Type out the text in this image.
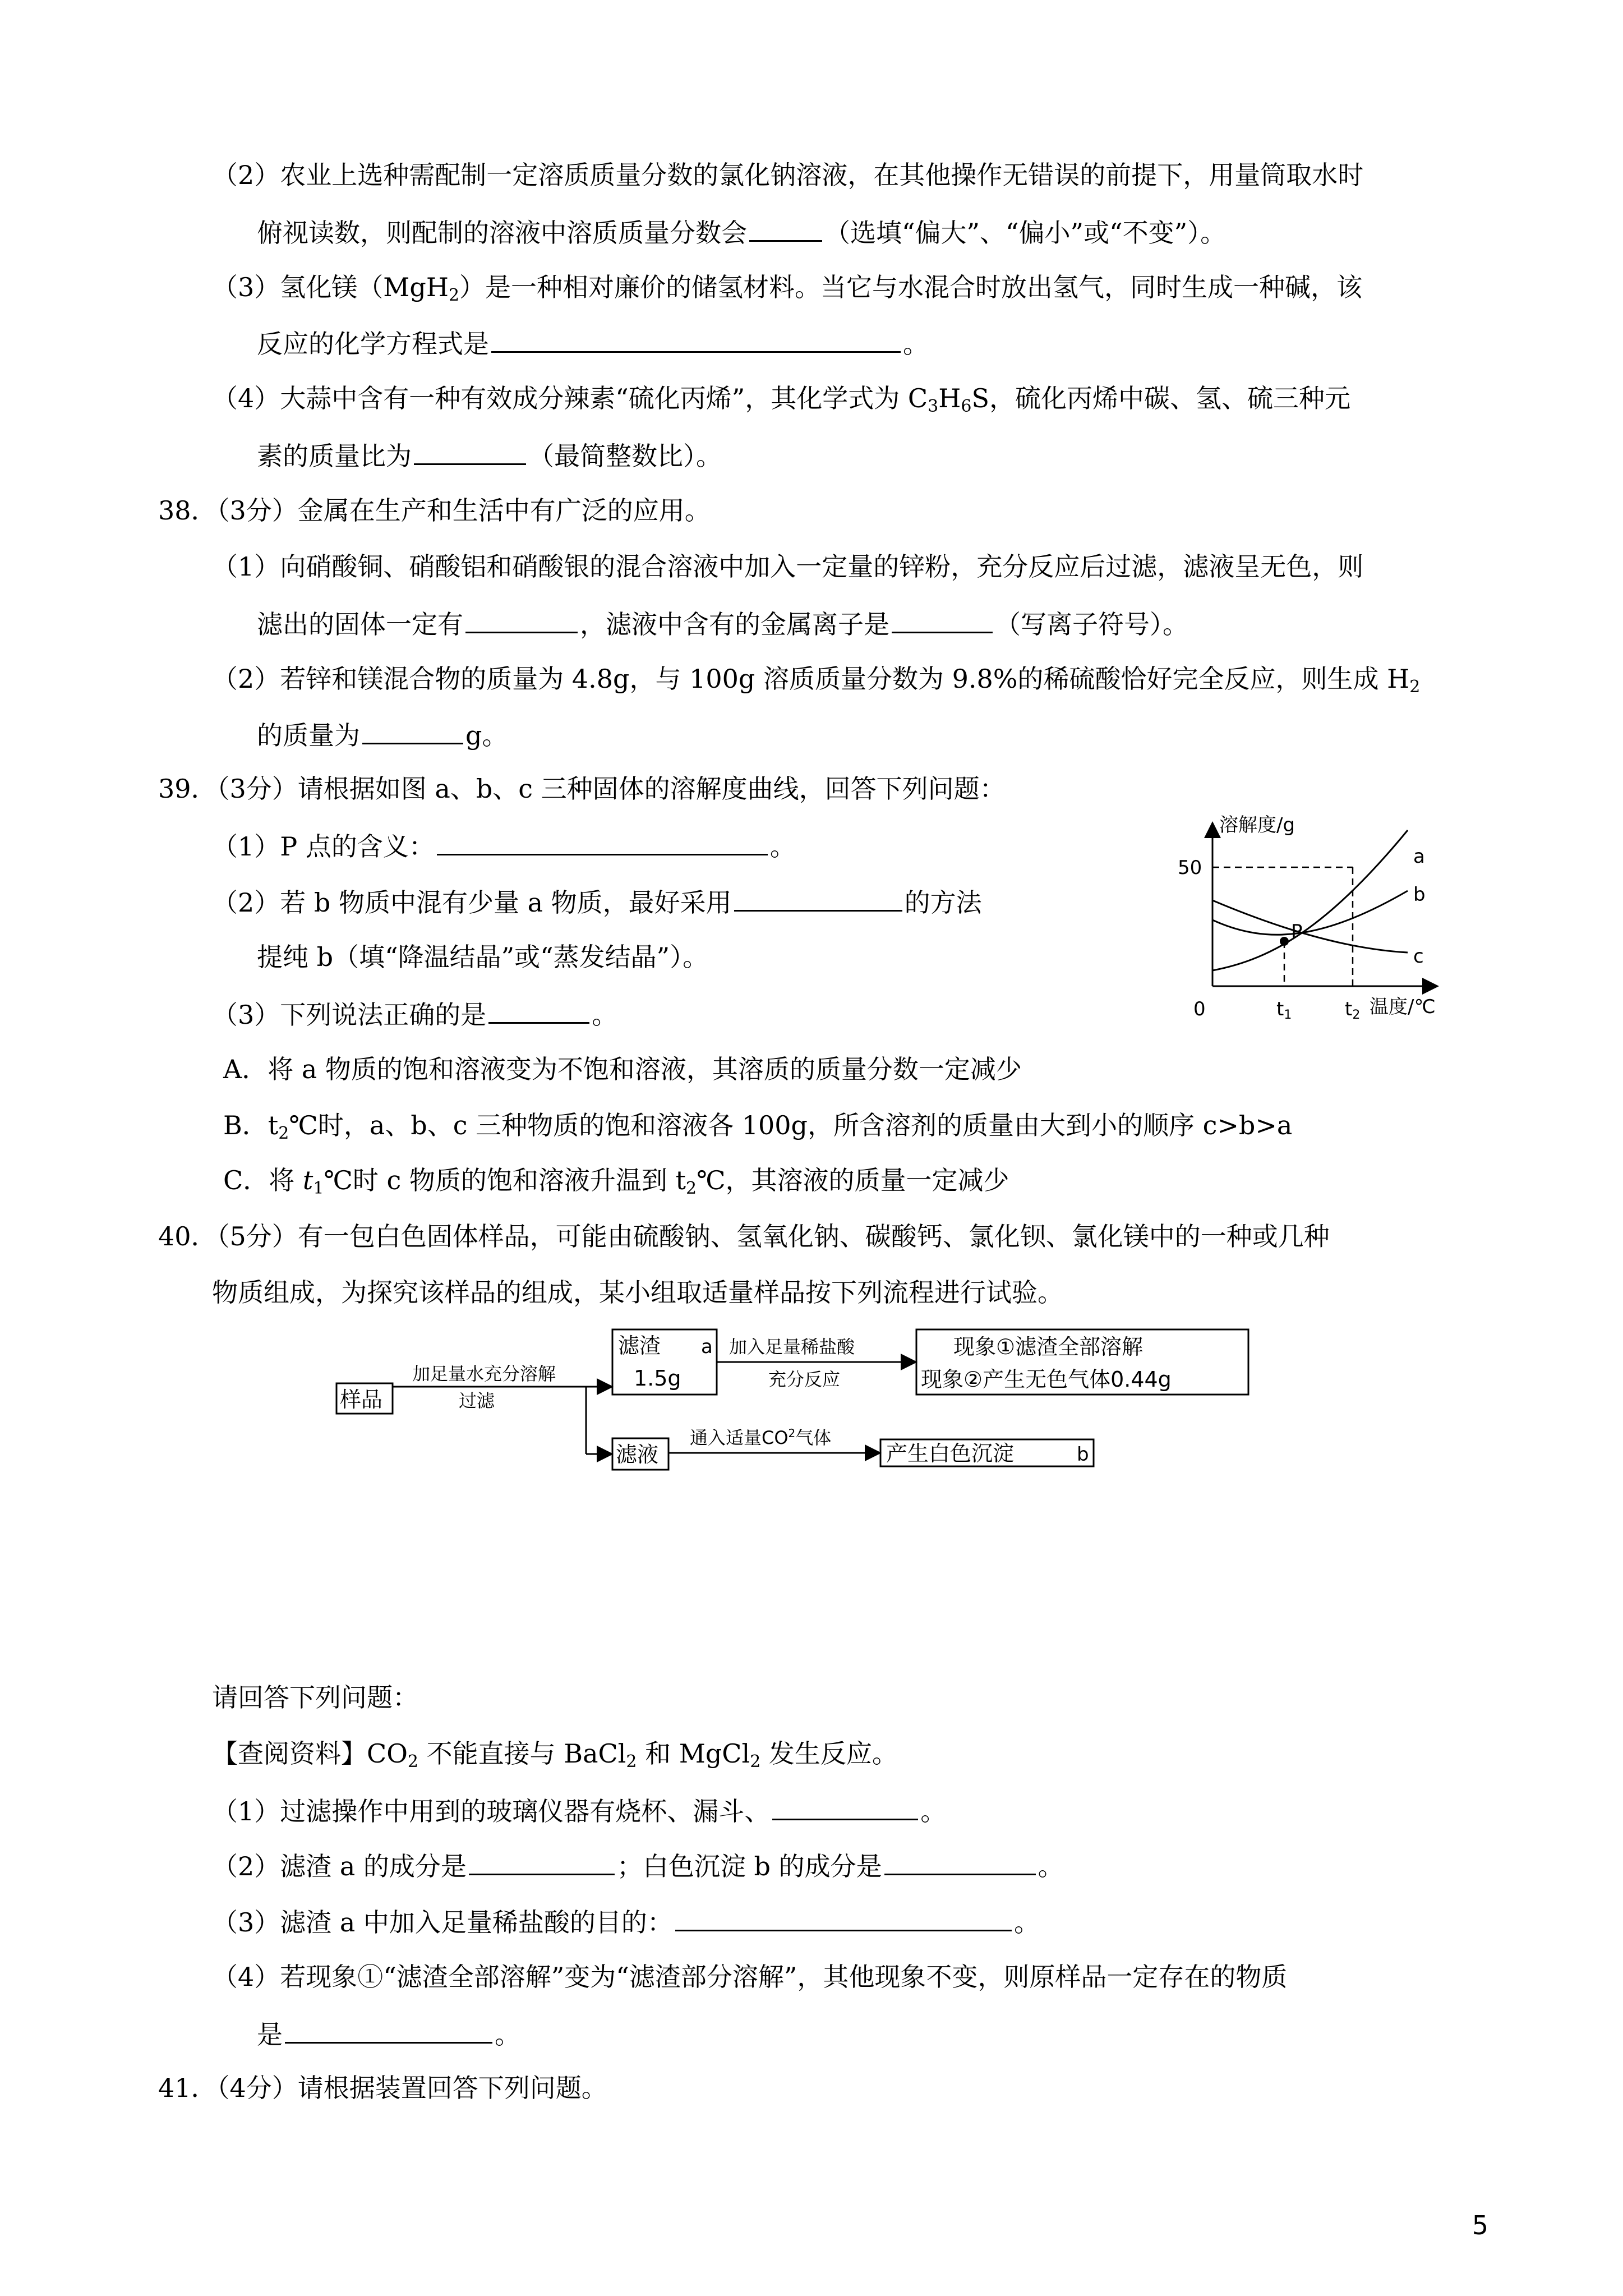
（2）农业上选种需配制一定溶质质量分数的氯化钠溶液，在其他操作无错误的前提下，用量筒取水时
俯视读数，则配制的溶液中溶质质量分数会	（选填“偏大”、“偏小”或“不变”）。
（3）氢化镁（MgH$_2$）是一种相对廉价的储氢材料。当它与水混合时放出氢气，同时生成一种碱，该
反应的化学方程式是	。
（4）大蒜中含有一种有效成分辣素“硫化丙烯”，其化学式为 $C_3H_6S$，硫化丙烯中碳、氢、硫三种元
素的质量比为	（最简整数比）。
38．（3分）金属在生产和生活中有广泛的应用。
（1）向硝酸铜、硝酸铝和硝酸银的混合溶液中加入一定量的锌粉，充分反应后过滤，滤液呈无色，则
滤出的固体一定有	，滤液中含有的金属离子是	（写离子符号）。
（2）若锌和镁混合物的质量为 4.8g，与 100g 溶质质量分数为 9.8%的稀硫酸恰好完全反应，则生成 $H_2$
的质量为	g。
39．（3分）请根据如图 a、b、c 三种固体的溶解度曲线，回答下列问题：
（1）P 点的含义：	。
（2）若 b 物质中混有少量 a 物质，最好采用	的方法
提纯 b（填“降温结晶”或“蒸发结晶”）。
（3）下列说法正确的是	。
A．将 a 物质的饱和溶液变为不饱和溶液，其溶质的质量分数一定减少
B．$t_2℃$时，a、b、c 三种物质的饱和溶液各 100g，所含溶剂的质量由大到小的顺序 c>b>a
C．将 $t_1℃$时 c 物质的饱和溶液升温到 $t_2℃$，其溶液的质量一定减少
溶解度/g
50
P
a
b
c
0	t1	t2 温度/℃
40．（5分）有一包白色固体样品，可能由硫酸钠、氢氧化钠、碳酸钙、氯化钡、氯化镁中的一种或几种
物质组成，为探究该样品的组成，某小组取适量样品按下列流程进行试验。
样品
加足量水充分溶解
过滤
滤渣 a
1.5g
加入足量稀盐酸
充分反应
现象①滤渣全部溶解
现象②产生无色气体0.44g
滤液
通入适量$CO^2$气体
产生白色沉淀	b
请回答下列问题：
【查阅资料】$CO_2$ 不能直接与 BaCl$_2$ 和 MgCl$_2$ 发生反应。
（1）过滤操作中用到的玻璃仪器有烧杯、漏斗、	。
（2）滤渣 a 的成分是	；白色沉淀 b 的成分是	。
（3）滤渣 a 中加入足量稀盐酸的目的：	。
（4）若现象①“滤渣全部溶解”变为“滤渣部分溶解”，其他现象不变，则原样品一定存在的物质
是	。
41．（4分）请根据装置回答下列问题。
5
